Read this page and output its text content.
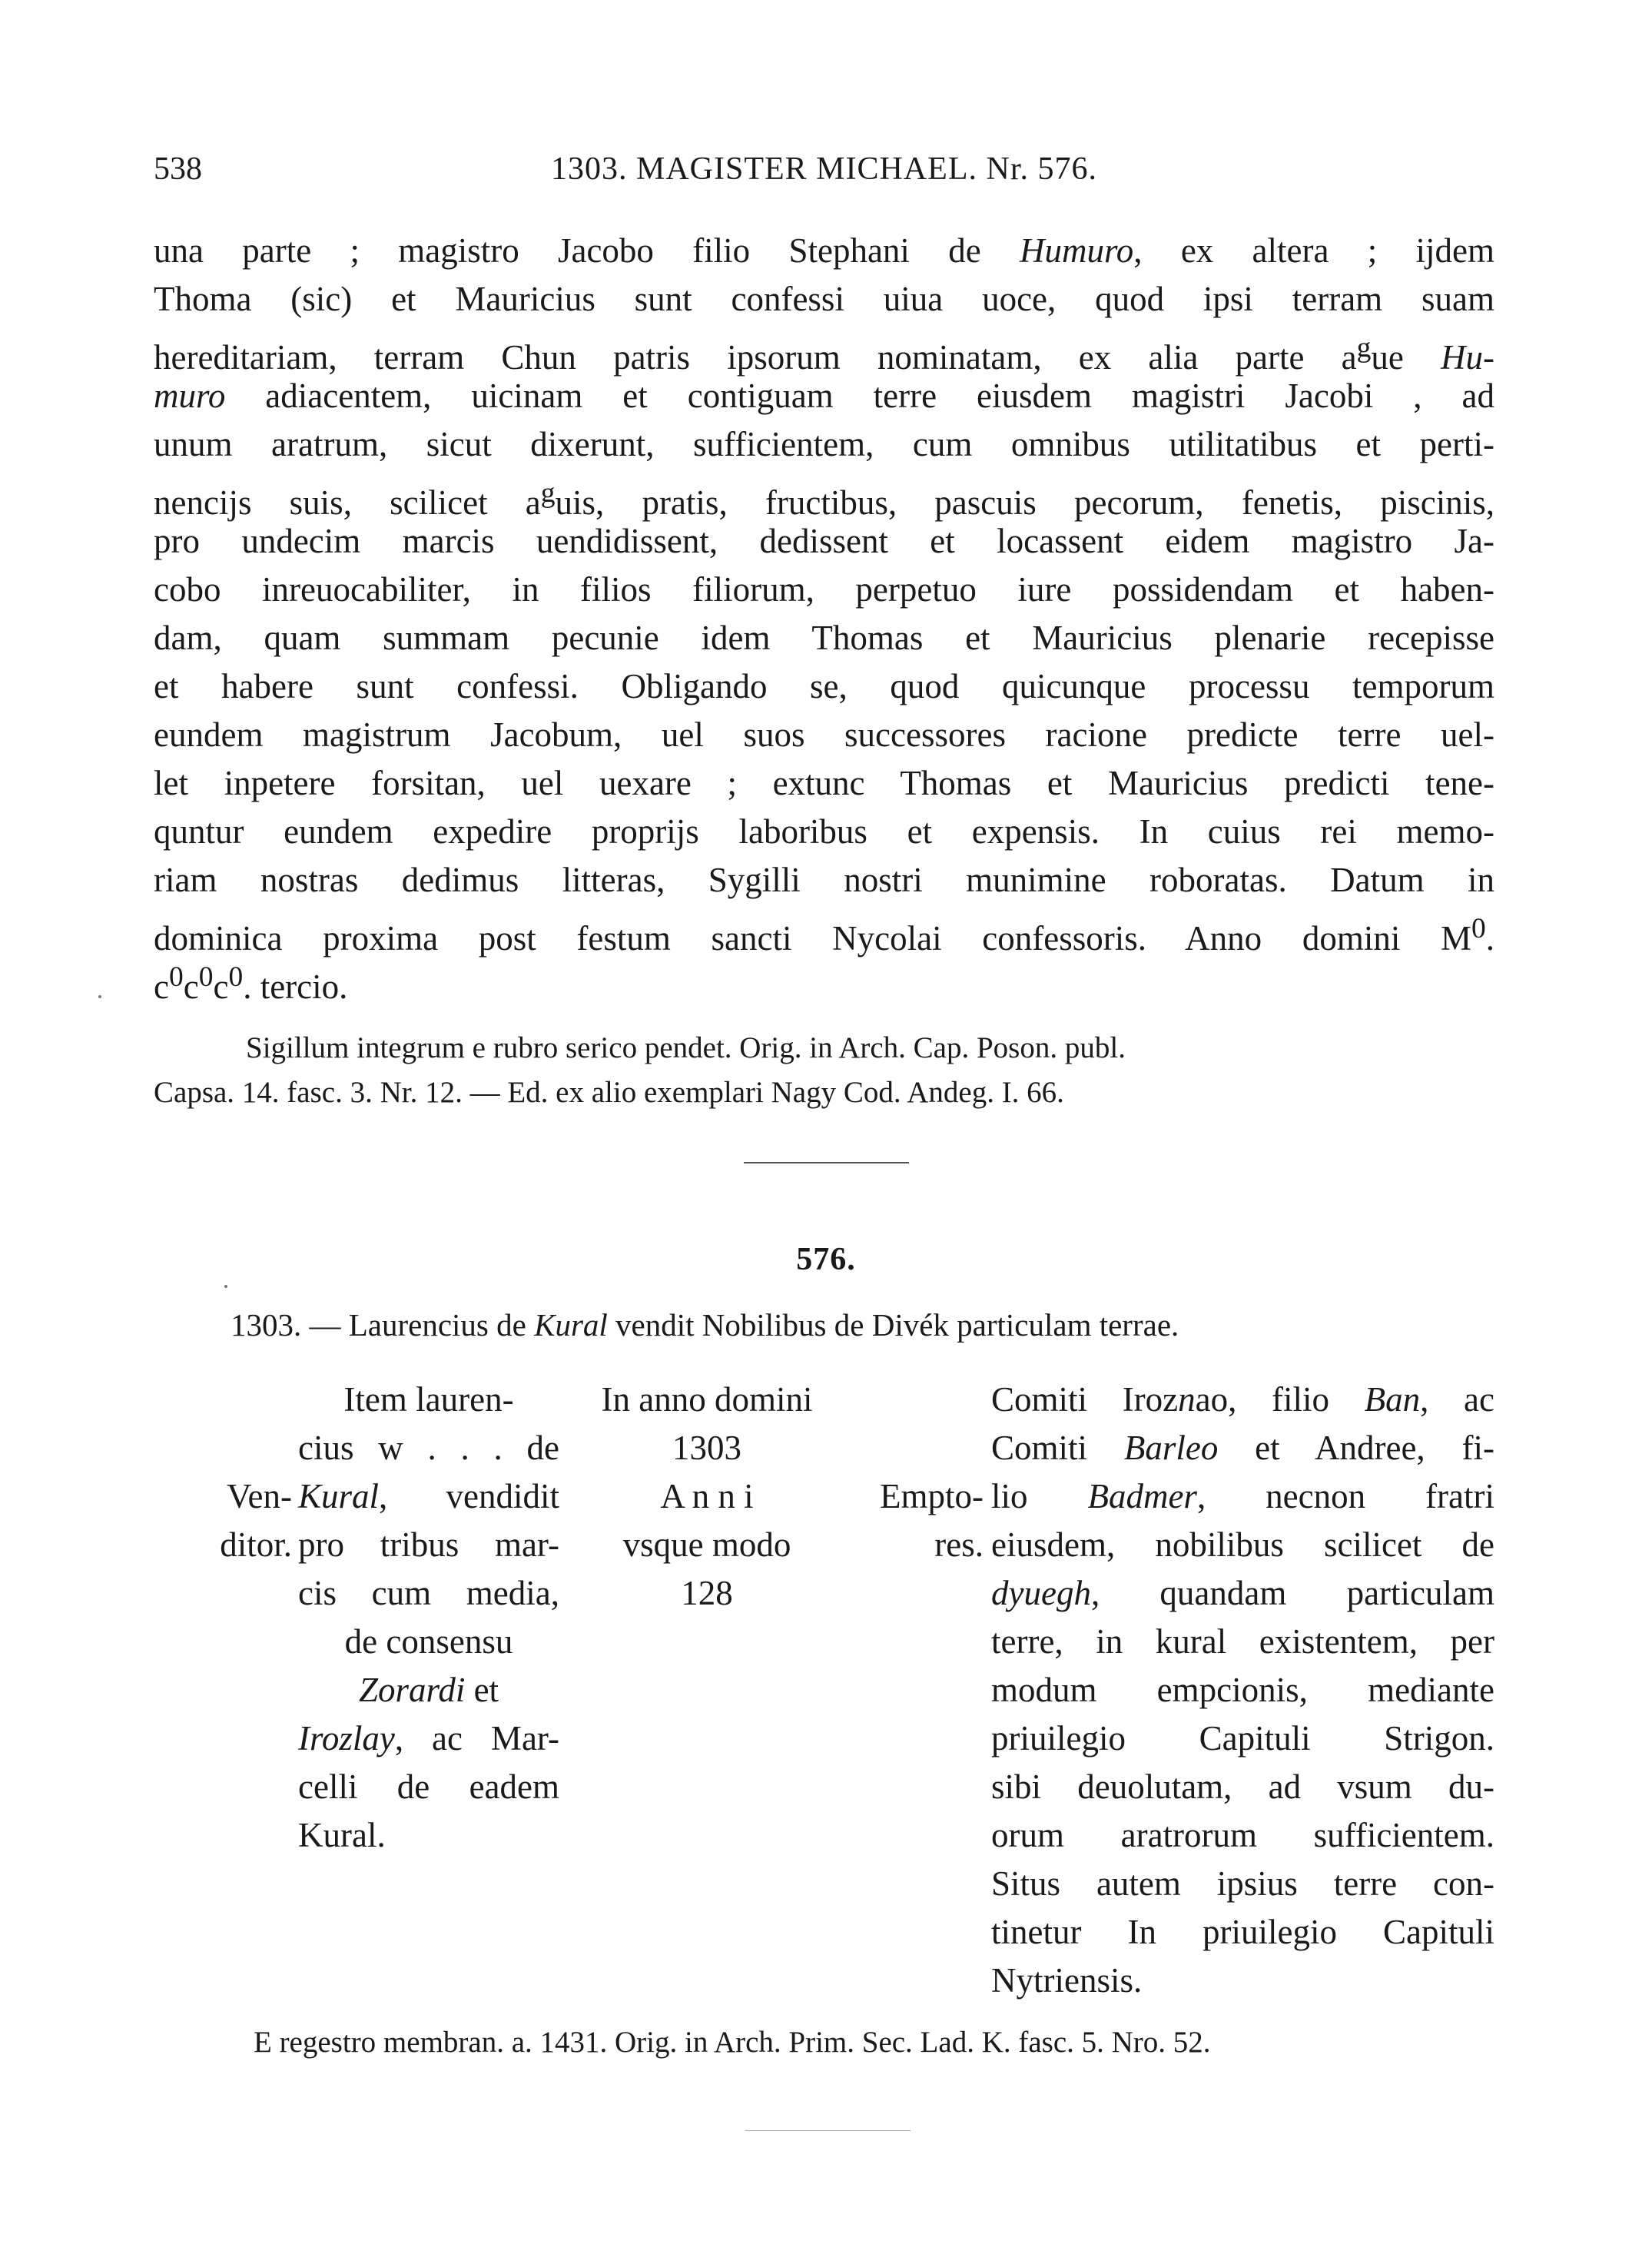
538	1303. MAGISTER MICHAEL. Nr. 576.
una parte ; magistro Jacobo filio Stephani de Humuro, ex altera ; ijdem
Thoma (sic) et Mauricius sunt confessi uiua uoce, quod ipsi terram suam
hereditariam, terram Chun patris ipsorum nominatam, ex alia parte $a^gue$ Hu-
muro adiacentem, uicinam et contiguam terre eiusdem magistri Jacobi , ad
unum aratrum, sicut dixerunt, sufficientem, cum omnibus utilitatibus et perti-
nencijs suis, scilicet $a^guis$, pratis, fructibus, pascuis pecorum, fenetis, piscinis,
pro undecim marcis uendidissent, dedissent et locassent eidem magistro Ja-
cobo inreuocabiliter, in filios filiorum, perpetuo iure possidendam et haben-
dam, quam summam pecunie idem Thomas et Mauricius plenarie recepisse
et habere sunt confessi. Obligando se, quod quicunque processu temporum
eundem magistrum Jacobum, uel suos successores racione predicte terre uel-
let inpetere forsitan, uel uexare ; extunc Thomas et Mauricius predicti tene-
quntur eundem expedire proprijs laboribus et expensis. In cuius rei memo-
riam nostras dedimus litteras, Sygilli nostri munimine roboratas. Datum in
dominica proxima post festum sancti Nycolai confessoris. Anno domini $M^0$.
$c^0c^0c^0$. tercio.
Sigillum integrum e rubro serico pendet. Orig. in Arch. Cap. Poson. publ.
Capsa. 14. fasc. 3. Nr. 12. — Ed. ex alio exemplari Nagy Cod. Andeg. I. 66.
576.
1303. — Laurencius de Kural vendit Nobilibus de Divék particulam terrae.
Ven-
ditor.
Item lauren-
cius w . . . de
Kural, vendidit
pro tribus mar-
cis cum media,
de consensu
Zorardi et
Irozlay, ac Mar-
celli de eadem
Kural.
In anno domini
1303
A n n i
vsque modo
128
Empto-
res.
Comiti Iroznao, filio Ban, ac
Comiti Barleo et Andree, fi-
lio Badmer, necnon fratri
eiusdem, nobilibus scilicet de
dyuegh, quandam particulam
terre, in kural existentem, per
modum empcionis, mediante
priuilegio Capituli Strigon.
sibi deuolutam, ad vsum du-
orum aratrorum sufficientem.
Situs autem ipsius terre con-
tinetur In priuilegio Capituli
Nytriensis.
E regestro membran. a. 1431. Orig. in Arch. Prim. Sec. Lad. K. fasc. 5. Nro. 52.
